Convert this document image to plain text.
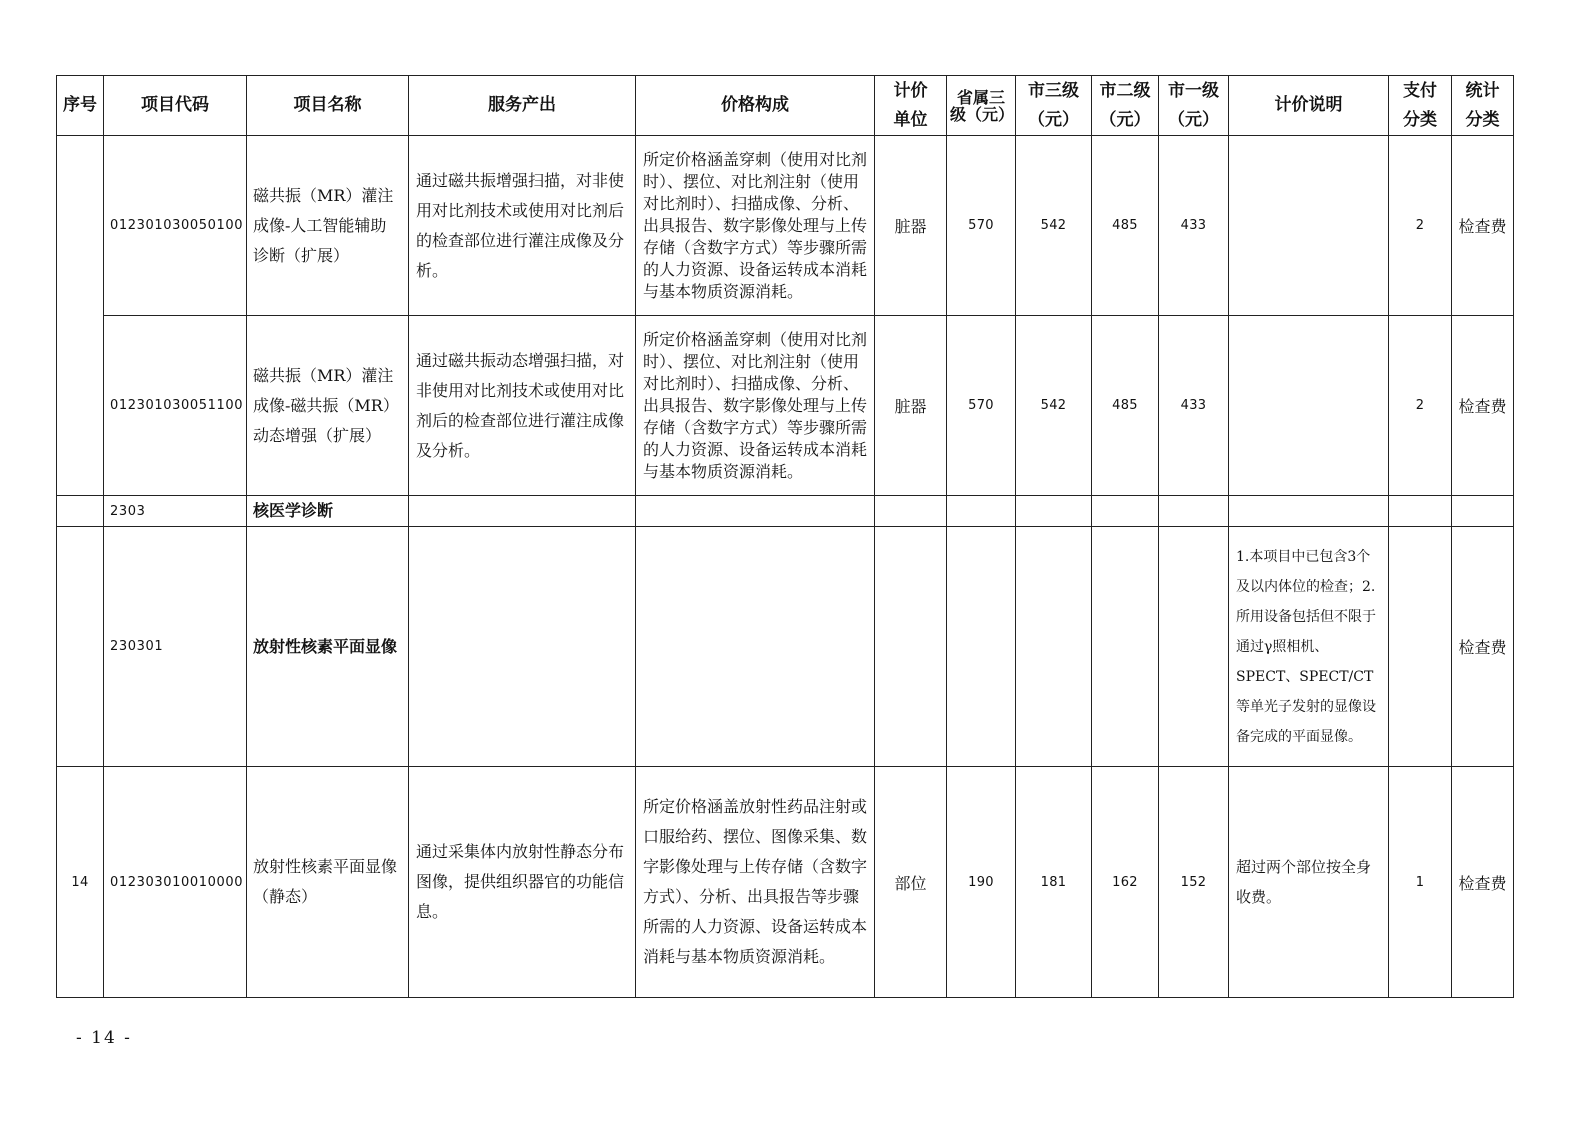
序号	项目代码	项目名称	服务产出	价格构成	计价单位	省属三级（元）	市三级（元）	市二级（元）	市一级（元）	计价说明	支付分类	统计分类
	012301030050100	磁共振（MR）灌注成像-人工智能辅助诊断（扩展）	通过磁共振增强扫描，对非使用对比剂技术或使用对比剂后的检查部位进行灌注成像及分析。	所定价格涵盖穿刺（使用对比剂时）、摆位、对比剂注射（使用对比剂时）、扫描成像、分析、出具报告、数字影像处理与上传存储（含数字方式）等步骤所需的人力资源、设备运转成本消耗与基本物质资源消耗。	脏器	570	542	485	433		2	检查费
	012301030051100	磁共振（MR）灌注成像-磁共振（MR）动态增强（扩展）	通过磁共振动态增强扫描，对非使用对比剂技术或使用对比剂后的检查部位进行灌注成像及分析。	所定价格涵盖穿刺（使用对比剂时）、摆位、对比剂注射（使用对比剂时）、扫描成像、分析、出具报告、数字影像处理与上传存储（含数字方式）等步骤所需的人力资源、设备运转成本消耗与基本物质资源消耗。	脏器	570	542	485	433		2	检查费
	2303	核医学诊断										
	230301	放射性核素平面显像								1.本项目中已包含3个及以内体位的检查；2.所用设备包括但不限于通过γ照相机、SPECT、SPECT/CT等单光子发射的显像设备完成的平面显像。		检查费
14	012303010010000	放射性核素平面显像（静态）	通过采集体内放射性静态分布图像，提供组织器官的功能信息。	所定价格涵盖放射性药品注射或口服给药、摆位、图像采集、数字影像处理与上传存储（含数字方式）、分析、出具报告等步骤所需的人力资源、设备运转成本消耗与基本物质资源消耗。	部位	190	181	162	152	超过两个部位按全身收费。	1	检查费
- 14 -
